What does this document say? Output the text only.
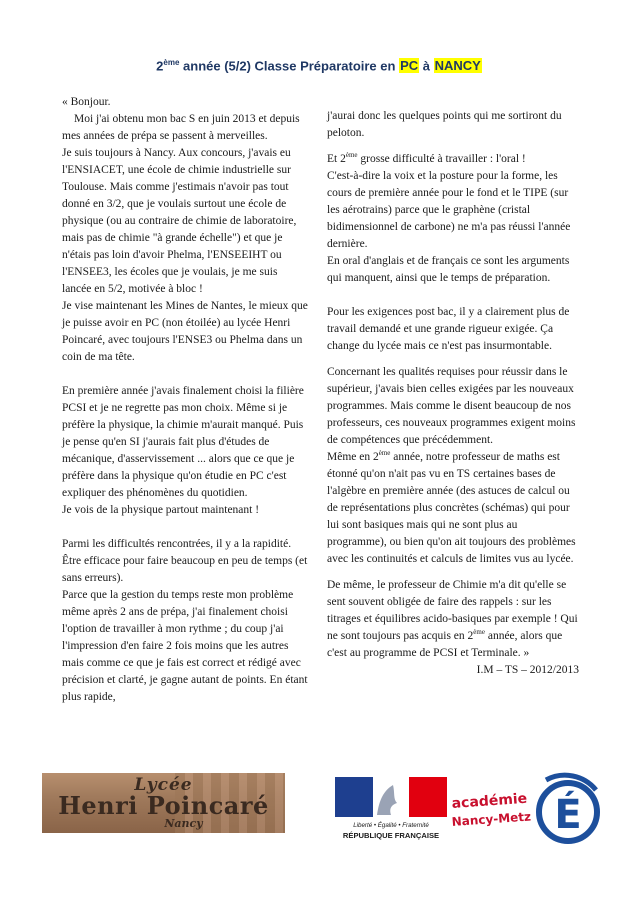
2ème année (5/2) Classe Préparatoire en PC à NANCY

« Bonjour.

Moi j'ai obtenu mon bac S en juin 2013 et depuis mes années de prépa se passent à merveilles.

Je suis toujours à Nancy. Aux concours, j'avais eu l'ENSIACET, une école de chimie industrielle sur Toulouse. Mais comme j'estimais n'avoir pas tout donné en 3/2, que je voulais surtout une école de physique (ou au contraire de chimie de laboratoire, mais pas de chimie "à grande échelle") et que je n'étais pas loin d'avoir Phelma, l'ENSEEIHT ou l'ENSEE3, les écoles que je voulais, je me suis lancée en 5/2, motivée à bloc !

Je vise maintenant les Mines de Nantes, le mieux que je puisse avoir en PC (non étoilée) au lycée Henri Poincaré, avec toujours l'ENSE3 ou Phelma dans un coin de ma tête.

En première année j'avais finalement choisi la filière PCSI et je ne regrette pas mon choix. Même si je préfère la physique, la chimie m'aurait manqué. Puis je pense qu'en SI j'aurais fait plus d'études de mécanique, d'asservissement ... alors que ce que je préfère dans la physique qu'on étudie en PC c'est expliquer des phénomènes du quotidien.

Je vois de la physique partout maintenant !

Parmi les difficultés rencontrées, il y a la rapidité. Être efficace pour faire beaucoup en peu de temps (et sans erreurs).

Parce que la gestion du temps reste mon problème même après 2 ans de prépa, j'ai finalement choisi l'option de travailler à mon rythme ; du coup j'ai l'impression d'en faire 2 fois moins que les autres mais comme ce que je fais est correct et rédigé avec précision et clarté, je gagne autant de points. En étant plus rapide,

j'aurai donc les quelques points qui me sortiront du peloton.

Et 2ème grosse difficulté à travailler : l'oral !

C'est-à-dire la voix et la posture pour la forme, les cours de première année pour le fond et le TIPE (sur les aérotrains) parce que le graphène (cristal bidimensionnel de carbone) ne m'a pas réussi l'année dernière.

En oral d'anglais et de français ce sont les arguments qui manquent, ainsi que le temps de préparation.

Pour les exigences post bac, il y a clairement plus de travail demandé et une grande rigueur exigée. Ça change du lycée mais ce n'est pas insurmontable.

Concernant les qualités requises pour réussir dans le supérieur, j'avais bien celles exigées par les nouveaux programmes. Mais comme le disent beaucoup de nos professeurs, ces nouveaux programmes exigent moins de compétences que précédemment.

Même en 2ème année, notre professeur de maths est étonné qu'on n'ait pas vu en TS certaines bases de l'algèbre en première année (des astuces de calcul ou de représentations plus concrètes (schémas) qui pour lui sont basiques mais qui ne sont plus au programme), ou bien qu'on ait toujours des problèmes avec les continuités et calculs de limites vus au lycée.

De même, le professeur de Chimie m'a dit qu'elle se sent souvent obligée de faire des rappels : sur les titrages et équilibres acido-basiques par exemple ! Qui ne sont toujours pas acquis en 2ème année, alors que c'est au programme de PCSI et Terminale. »

I.M – TS – 2012/2013

Lycée
Henri Poincaré
Nancy	Liberté • Égalité • Fraternité
RÉPUBLIQUE FRANÇAISE
académie
Nancy-Metz É
